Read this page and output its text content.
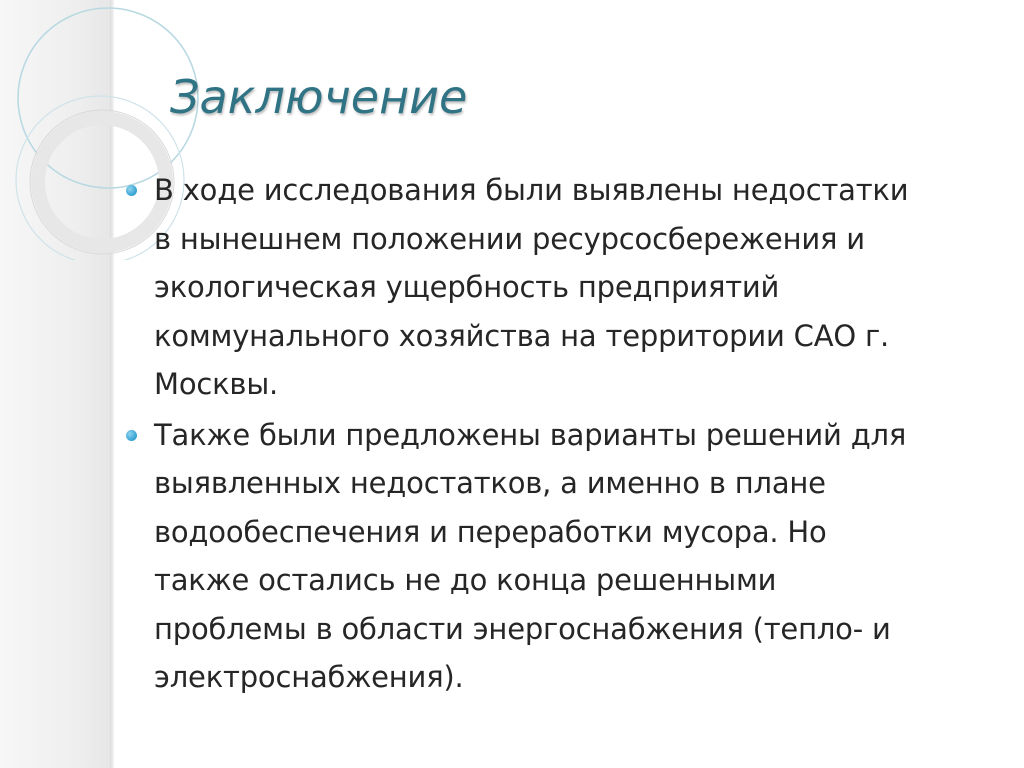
Заключение
В ходе исследования были выявлены недостатки
в нынешнем положении ресурсосбережения и
экологическая ущербность предприятий
коммунального хозяйства на территории САО г.
Москвы.
Также были предложены варианты решений для
выявленных недостатков, а именно в плане
водообеспечения и переработки мусора. Но
также остались не до конца решенными
проблемы в области энергоснабжения (тепло- и
электроснабжения).
